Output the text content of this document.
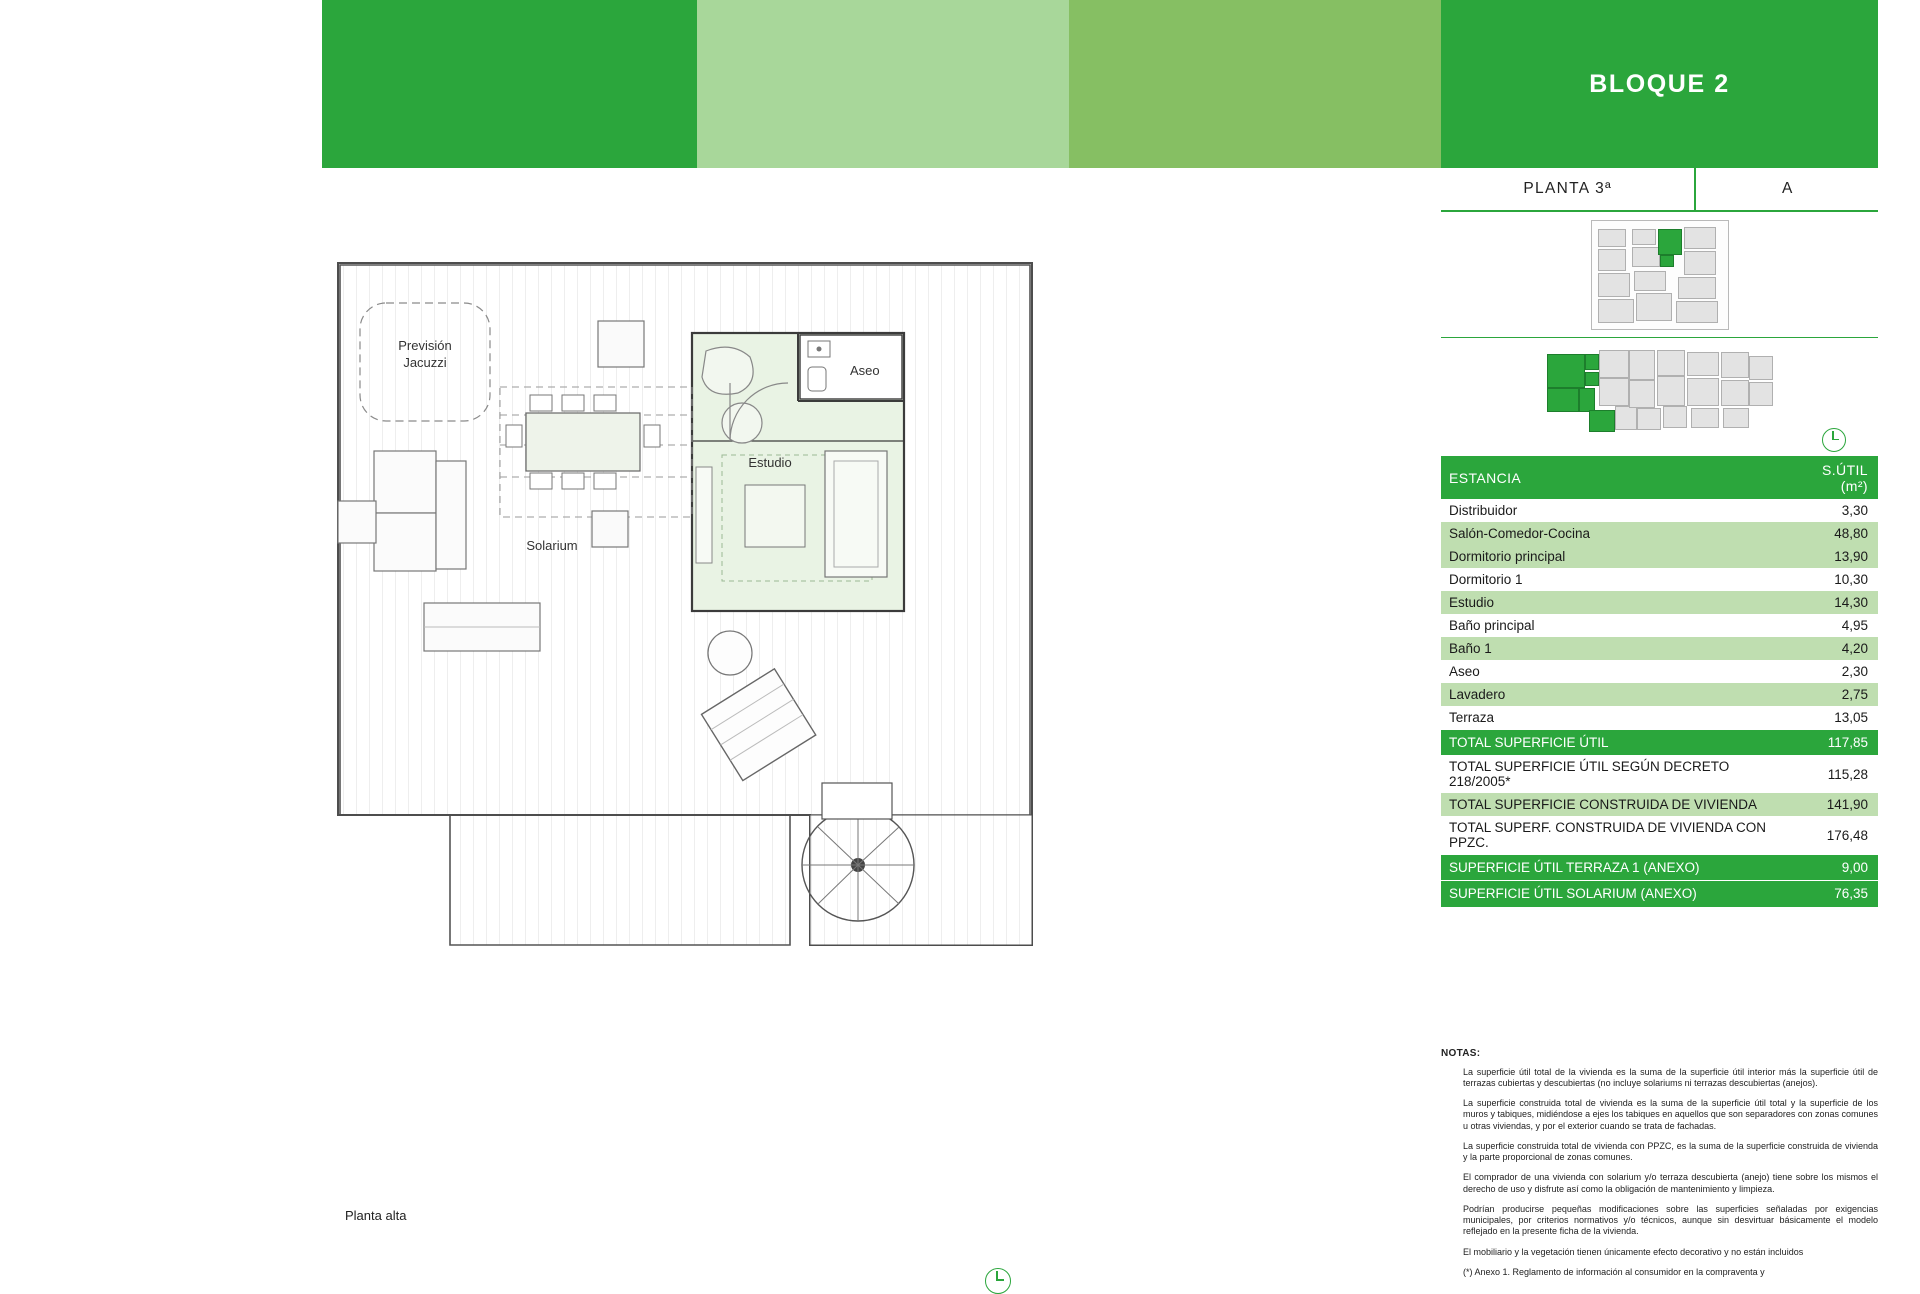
BLOQUE 2
PLANTA 3ª	A
ESTANCIA	S.ÚTIL (m²)
Distribuidor	3,30
Salón-Comedor-Cocina	48,80
Dormitorio principal	13,90
Dormitorio 1	10,30
Estudio	14,30
Baño principal	4,95
Baño 1	4,20
Aseo	2,30
Lavadero	2,75
Terraza	13,05
TOTAL SUPERFICIE ÚTIL	117,85
TOTAL SUPERFICIE ÚTIL SEGÚN DECRETO 218/2005*	115,28
TOTAL SUPERFICIE CONSTRUIDA DE VIVIENDA	141,90
TOTAL SUPERF. CONSTRUIDA DE VIVIENDA CON PPZC.	176,48
SUPERFICIE ÚTIL TERRAZA 1 (ANEXO)	9,00
SUPERFICIE ÚTIL SOLARIUM (ANEXO)	76,35
NOTAS:

La superficie útil total de la vivienda es la suma de la superficie útil interior más la superficie útil de terrazas cubiertas y descubiertas (no incluye solariums ni terrazas descubiertas (anejos).

La superficie construida total de vivienda es la suma de la superficie útil total y la superficie de los muros y tabiques, midiéndose a ejes los tabiques en aquellos que son separadores con zonas comunes u otras viviendas, y por el exterior cuando se trata de fachadas.

La superficie construida total de vivienda con PPZC, es la suma de la superficie construida de vivienda y la parte proporcional de zonas comunes.

El comprador de una vivienda con solarium y/o terraza descubierta (anejo) tiene sobre los mismos el derecho de uso y disfrute así como la obligación de mantenimiento y limpieza.

Podrían producirse pequeñas modificaciones sobre las superficies señaladas por exigencias municipales, por criterios normativos y/o técnicos, aunque sin desvirtuar básicamente el modelo reflejado en la presente ficha de la vivienda.

El mobiliario y la vegetación tienen únicamente efecto decorativo y no están incluidos

(*) Anexo 1. Reglamento de información al consumidor en la compraventa y

Previsión
Jacuzzi
Aseo
Estudio
Solarium
Planta alta
